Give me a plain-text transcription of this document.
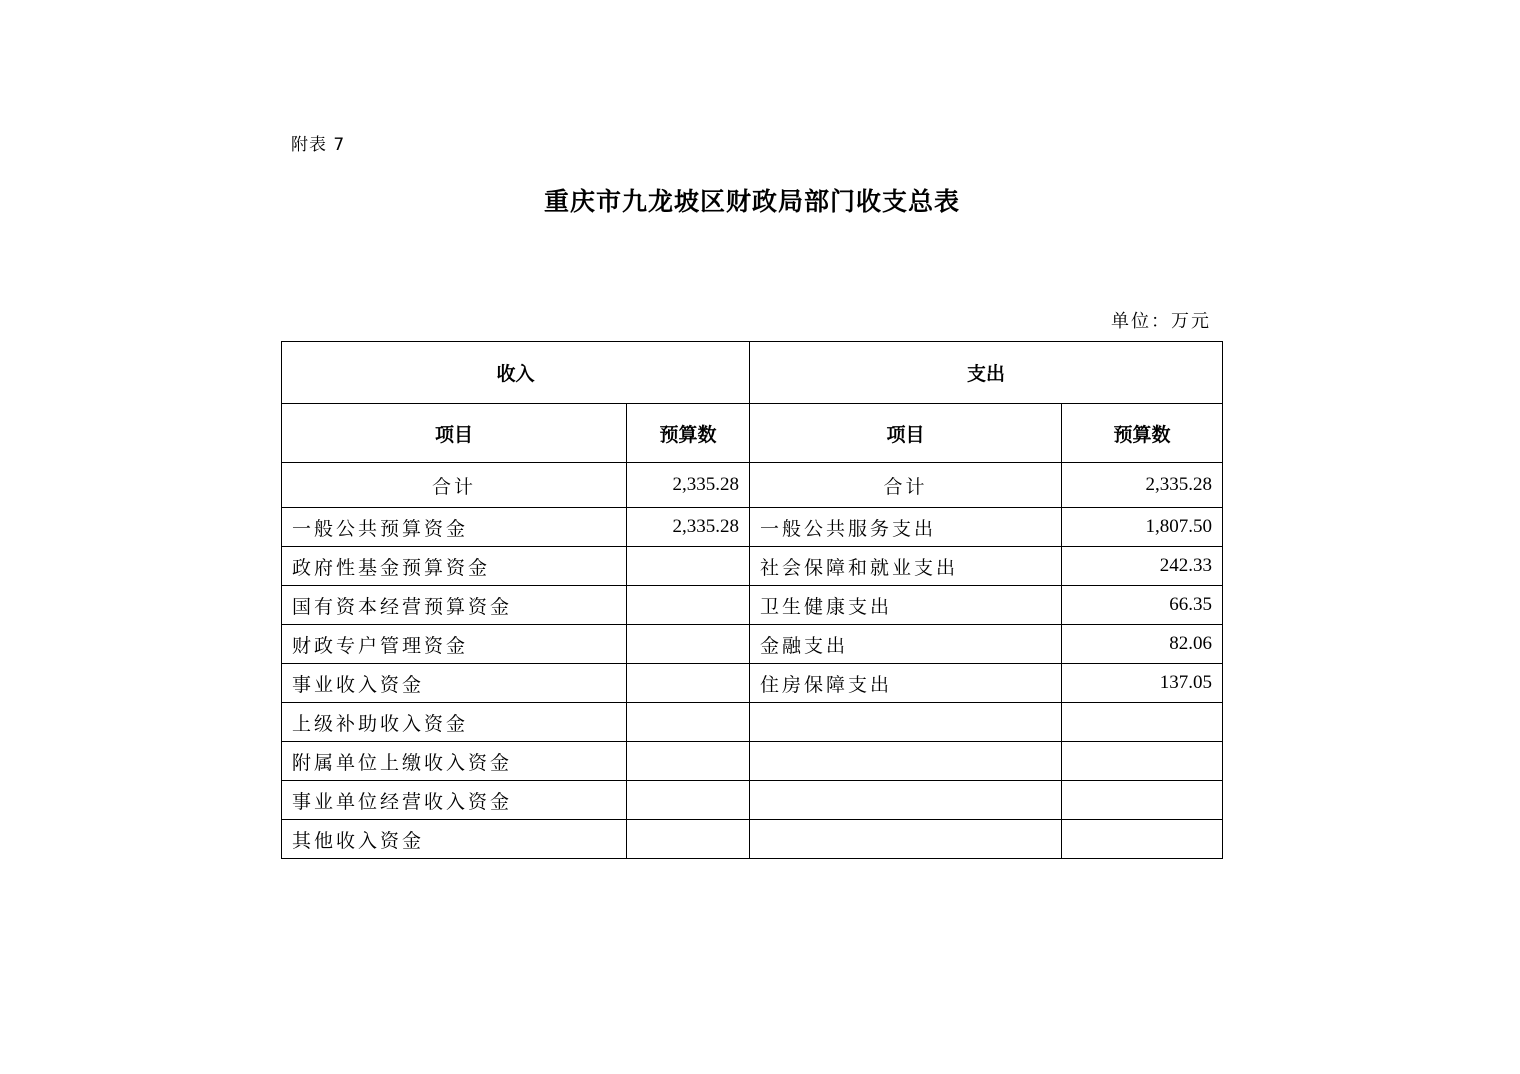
附表 7
重庆市九龙坡区财政局部门收支总表
单位：万元
收入		支出	
项目	预算数	项目	预算数
合计	2,335.28	合计	2,335.28
一般公共预算资金	2,335.28	一般公共服务支出	1,807.50
政府性基金预算资金		社会保障和就业支出	242.33
国有资本经营预算资金		卫生健康支出	66.35
财政专户管理资金		金融支出	82.06
事业收入资金		住房保障支出	137.05
上级补助收入资金			
附属单位上缴收入资金			
事业单位经营收入资金			
其他收入资金			
